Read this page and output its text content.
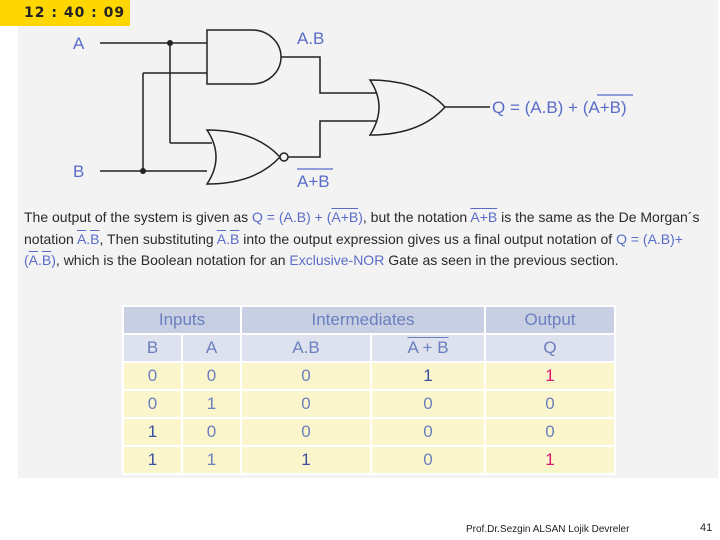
12 : 40 : 09
A
B
A.B
A+B
Q = (A.B) + (A+B)
The output of the system is given as Q = (A.B) + (A+B), but the notation A+B is the same as the De Morgan´s notation $\overline{A}.\overline{B}$, Then substituting $\overline{A}.\overline{B}$ into the output expression gives us a final output notation of $Q = (A.B)+(\overline{A}.\overline{B})$, which is the Boolean notation for an Exclusive-NOR Gate as seen in the previous section.
Inputs		Intermediates		Output
B	A	A.B	A + B	Q
0	0	0	1	1
0	1	0	0	0
1	0	0	0	0
1	1	1	0	1
Prof.Dr.Sezgin ALSAN Lojik Devreler	41
